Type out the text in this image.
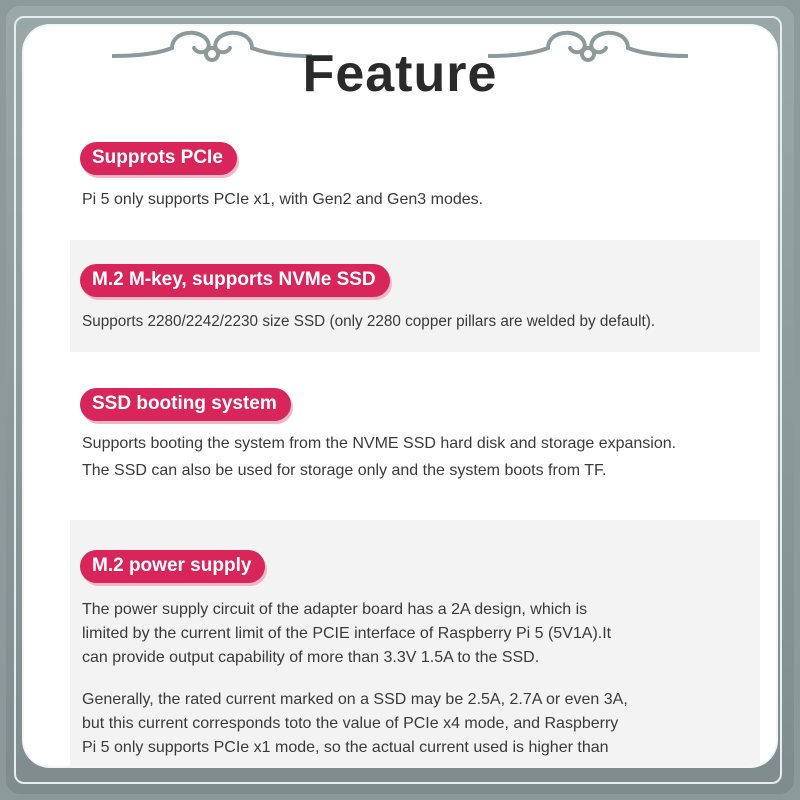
Feature
Supprots PCIe
Pi 5 only supports PCIe x1, with Gen2 and Gen3 modes.
M.2 M-key, supports NVMe SSD
Supports 2280/2242/2230 size SSD (only 2280 copper pillars are welded by default).
SSD booting system
Supports booting the system from the NVME SSD hard disk and storage expansion.
The SSD can also be used for storage only and the system boots from TF.
M.2 power supply
The power supply circuit of the adapter board has a 2A design, which is
limited by the current limit of the PCIE interface of Raspberry Pi 5 (5V1A).It
can provide output capability of more than 3.3V 1.5A to the SSD.
Generally, the rated current marked on a SSD may be 2.5A, 2.7A or even 3A,
but this current corresponds toto the value of PCIe x4 mode, and Raspberry
Pi 5 only supports PCIe x1 mode, so the actual current used is higher than
